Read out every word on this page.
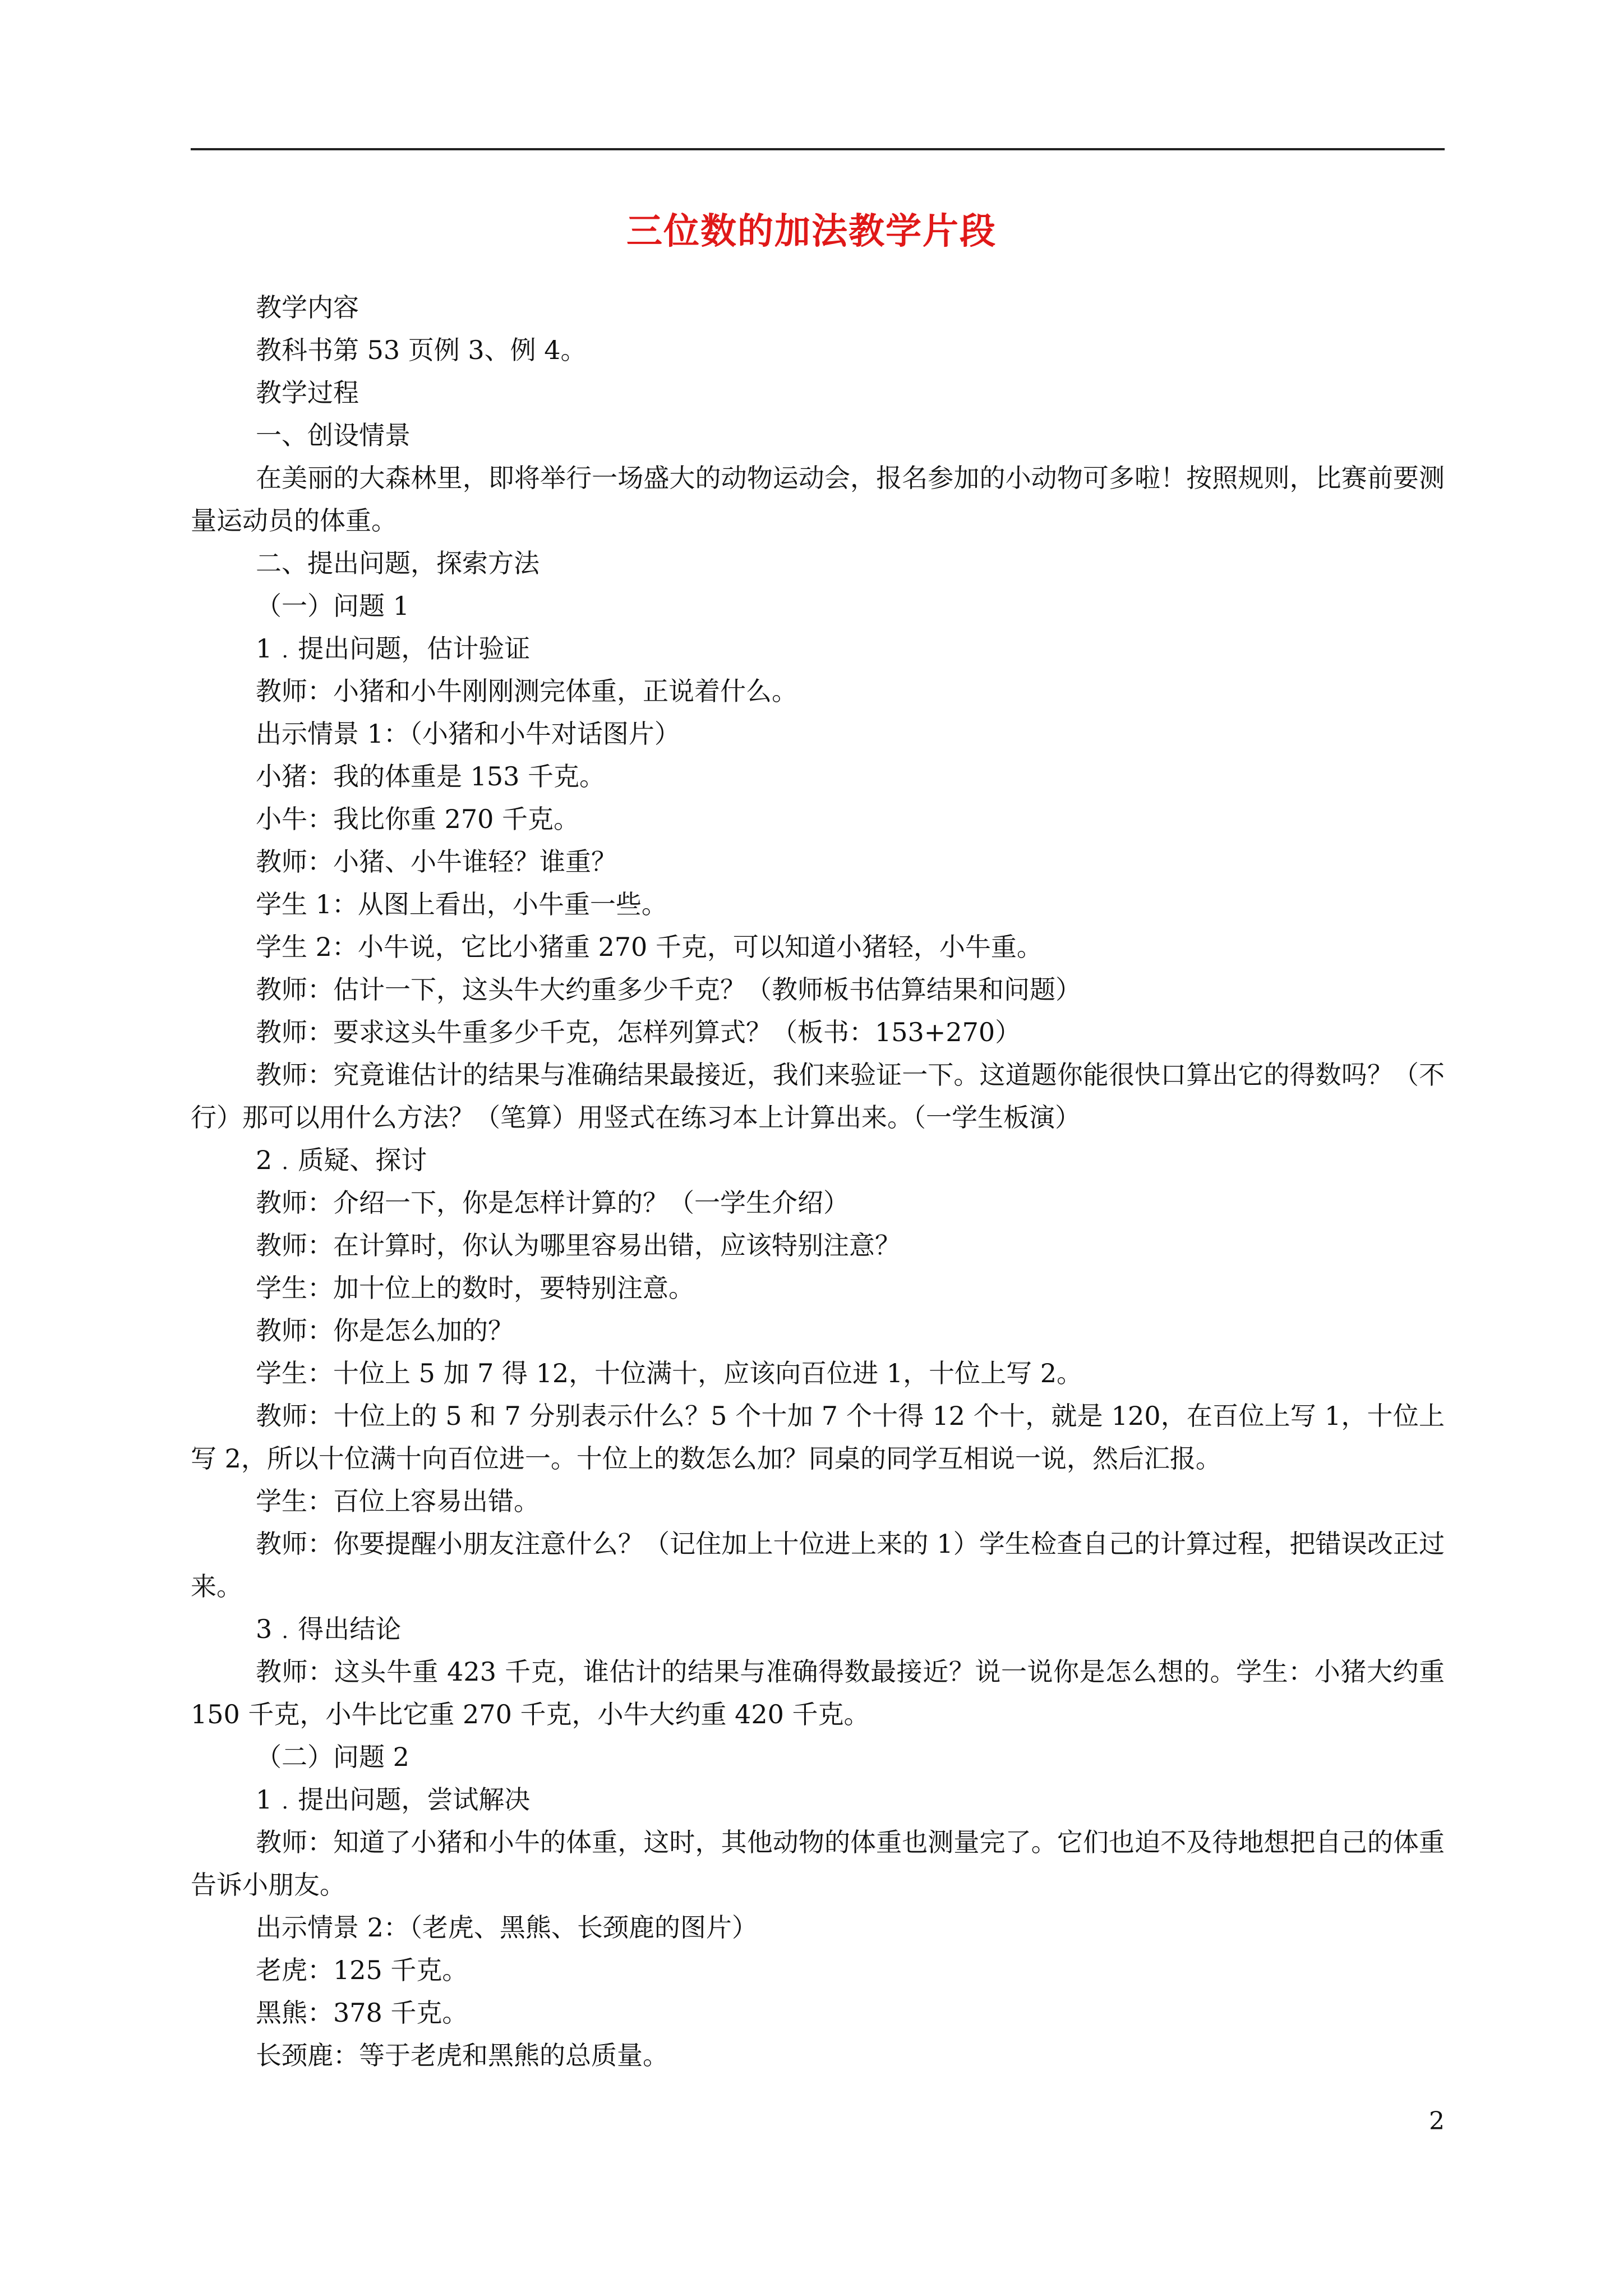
三位数的加法教学片段

教学内容

教科书第 53 页例 3、例 4。

教学过程

一、创设情景

在美丽的大森林里，即将举行一场盛大的动物运动会，报名参加的小动物可多啦！按照规则，比赛前要测量运动员的体重。

二、提出问题，探索方法

（一）问题 1

1﹒提出问题，估计验证

教师：小猪和小牛刚刚测完体重，正说着什么。

出示情景 1：（小猪和小牛对话图片）

小猪：我的体重是 153 千克。

小牛：我比你重 270 千克。

教师：小猪、小牛谁轻？谁重？

学生 1：从图上看出，小牛重一些。

学生 2：小牛说，它比小猪重 270 千克，可以知道小猪轻，小牛重。

教师：估计一下，这头牛大约重多少千克？（教师板书估算结果和问题）

教师：要求这头牛重多少千克，怎样列算式？（板书：153+270）

教师：究竟谁估计的结果与准确结果最接近，我们来验证一下。这道题你能很快口算出它的得数吗？（不行）那可以用什么方法？（笔算）用竖式在练习本上计算出来。（一学生板演）

2﹒质疑、探讨

教师：介绍一下，你是怎样计算的？（一学生介绍）

教师：在计算时，你认为哪里容易出错，应该特别注意？

学生：加十位上的数时，要特别注意。

教师：你是怎么加的？

学生：十位上 5 加 7 得 12，十位满十，应该向百位进 1，十位上写 2。

教师：十位上的 5 和 7 分别表示什么？5 个十加 7 个十得 12 个十，就是 120，在百位上写 1，十位上写 2，所以十位满十向百位进一。十位上的数怎么加？同桌的同学互相说一说，然后汇报。

学生：百位上容易出错。

教师：你要提醒小朋友注意什么？（记住加上十位进上来的 1）学生检查自己的计算过程，把错误改正过来。

3﹒得出结论

教师：这头牛重 423 千克，谁估计的结果与准确得数最接近？说一说你是怎么想的。学生：小猪大约重 150 千克，小牛比它重 270 千克，小牛大约重 420 千克。

（二）问题 2

1﹒提出问题，尝试解决

教师：知道了小猪和小牛的体重，这时，其他动物的体重也测量完了。它们也迫不及待地想把自己的体重告诉小朋友。

出示情景 2：（老虎、黑熊、长颈鹿的图片）

老虎：125 千克。

黑熊：378 千克。

长颈鹿：等于老虎和黑熊的总质量。

2
